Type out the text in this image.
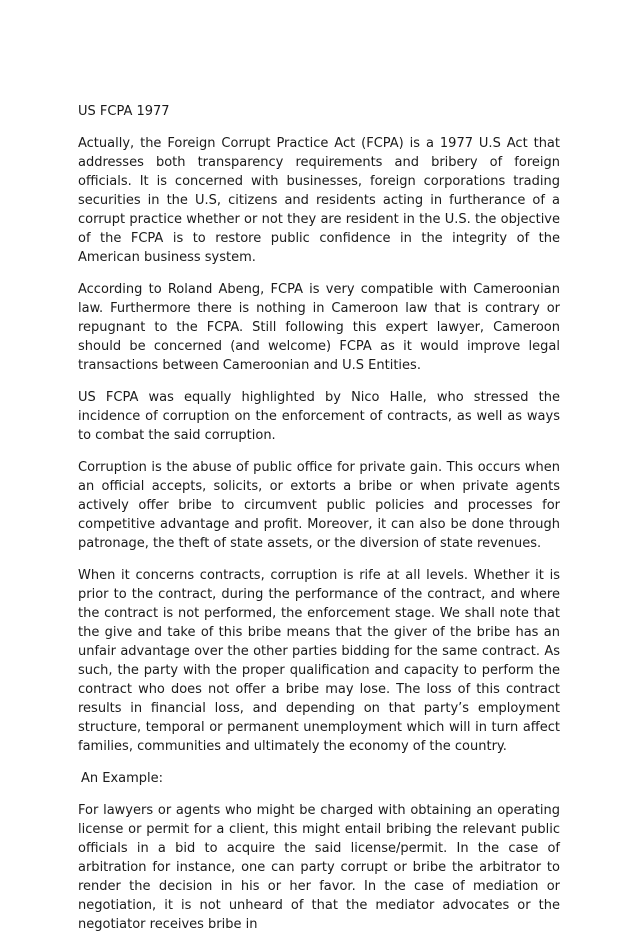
US FCPA 1977

Actually, the Foreign Corrupt Practice Act (FCPA) is a 1977 U.S Act that addresses both transparency requirements and bribery of foreign officials. It is concerned with businesses, foreign corporations trading securities in the U.S, citizens and residents acting in furtherance of a corrupt practice whether or not they are resident in the U.S. the objective of the FCPA is to restore public confidence in the integrity of the American business system.

According to Roland Abeng, FCPA is very compatible with Cameroonian law. Furthermore there is nothing in Cameroon law that is contrary or repugnant to the FCPA. Still following this expert lawyer, Cameroon should be concerned (and welcome) FCPA as it would improve legal transactions between Cameroonian and U.S Entities.

US FCPA was equally highlighted by Nico Halle, who stressed the incidence of corruption on the enforcement of contracts, as well as ways to combat the said corruption.

Corruption is the abuse of public office for private gain. This occurs when an official accepts, solicits, or extorts a bribe or when private agents actively offer bribe to circumvent public policies and processes for competitive advantage and profit. Moreover, it can also be done through patronage, the theft of state assets, or the diversion of state revenues.

When it concerns contracts, corruption is rife at all levels. Whether it is prior to the contract, during the performance of the contract, and where the contract is not performed, the enforcement stage. We shall note that the give and take of this bribe means that the giver of the bribe has an unfair advantage over the other parties bidding for the same contract. As such, the party with the proper qualification and capacity to perform the contract who does not offer a bribe may lose. The loss of this contract results in financial loss, and depending on that party’s employment structure, temporal or permanent unemployment which will in turn affect families, communities and ultimately the economy of the country.

An Example:

For lawyers or agents who might be charged with obtaining an operating license or permit for a client, this might entail bribing the relevant public officials in a bid to acquire the said license/permit. In the case of arbitration for instance, one can party corrupt or bribe the arbitrator to render the decision in his or her favor. In the case of mediation or negotiation, it is not unheard of that the mediator advocates or the negotiator receives bribe in
